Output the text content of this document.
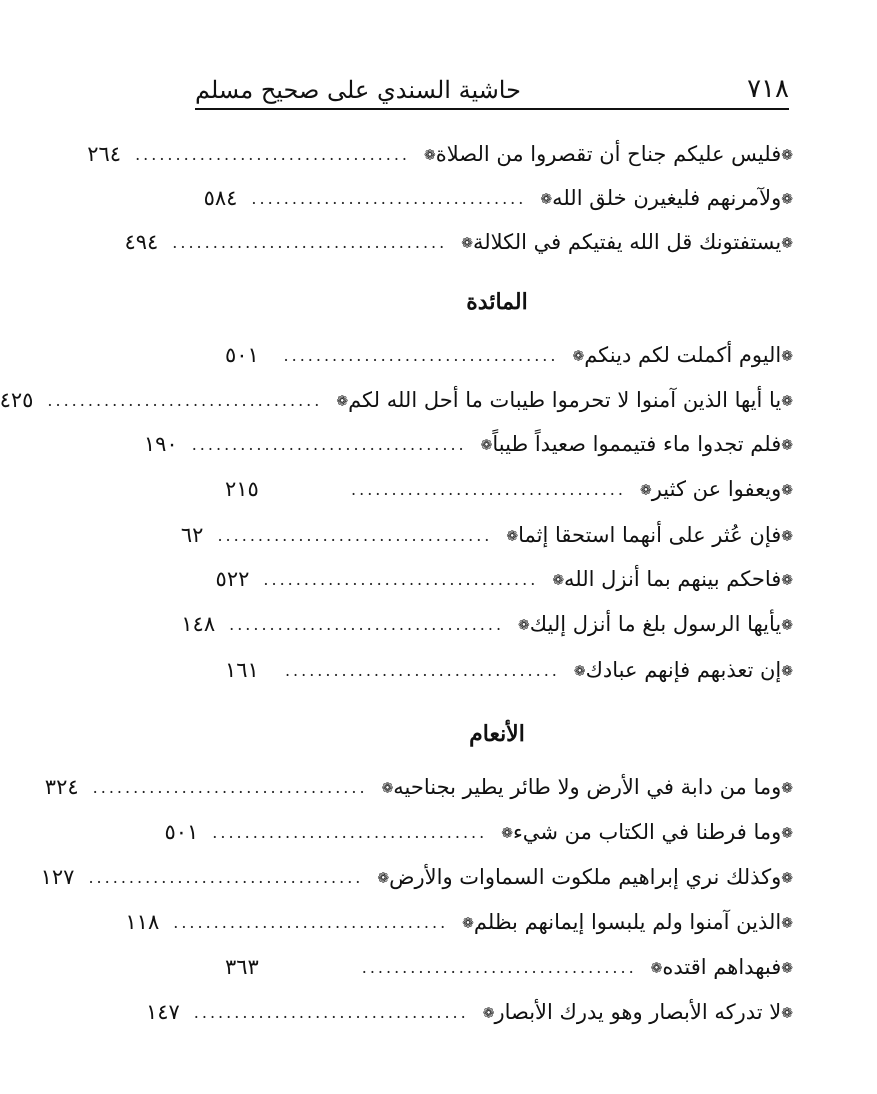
٧١٨
حاشية السندي على صحيح مسلم
❁فليس عليكم جناح أن تقصروا من الصلاة❁
..................................
٢٦٤
❁ولآمرنهم فليغيرن خلق الله❁
..................................
٥٨٤
❁يستفتونك قل الله يفتيكم في الكلالة❁
..................................
٤٩٤
المائدة
❁اليوم أكملت لكم دينكم❁
..................................
٥٠١
❁يا أيها الذين آمنوا لا تحرموا طيبات ما أحل الله لكم❁
..................................
٤٢٥
❁فلم تجدوا ماء فتيمموا صعيداً طيباً❁
..................................
١٩٠
❁ويعفوا عن كثير❁
..................................
٢١٥
❁فإن عُثر على أنهما استحقا إثما❁
..................................
٦٢
❁فاحكم بينهم بما أنزل الله❁
..................................
٥٢٢
❁يأيها الرسول بلغ ما أنزل إليك❁
..................................
١٤٨
❁إن تعذبهم فإنهم عبادك❁
..................................
١٦١
الأنعام
❁وما من دابة في الأرض ولا طائر يطير بجناحيه❁
..................................
٣٢٤
❁وما فرطنا في الكتاب من شيء❁
..................................
٥٠١
❁وكذلك نري إبراهيم ملكوت السماوات والأرض❁
..................................
١٢٧
❁الذين آمنوا ولم يلبسوا إيمانهم بظلم❁
..................................
١١٨
❁فبهداهم اقتده❁
..................................
٣٦٣
❁لا تدركه الأبصار وهو يدرك الأبصار❁
..................................
١٤٧
